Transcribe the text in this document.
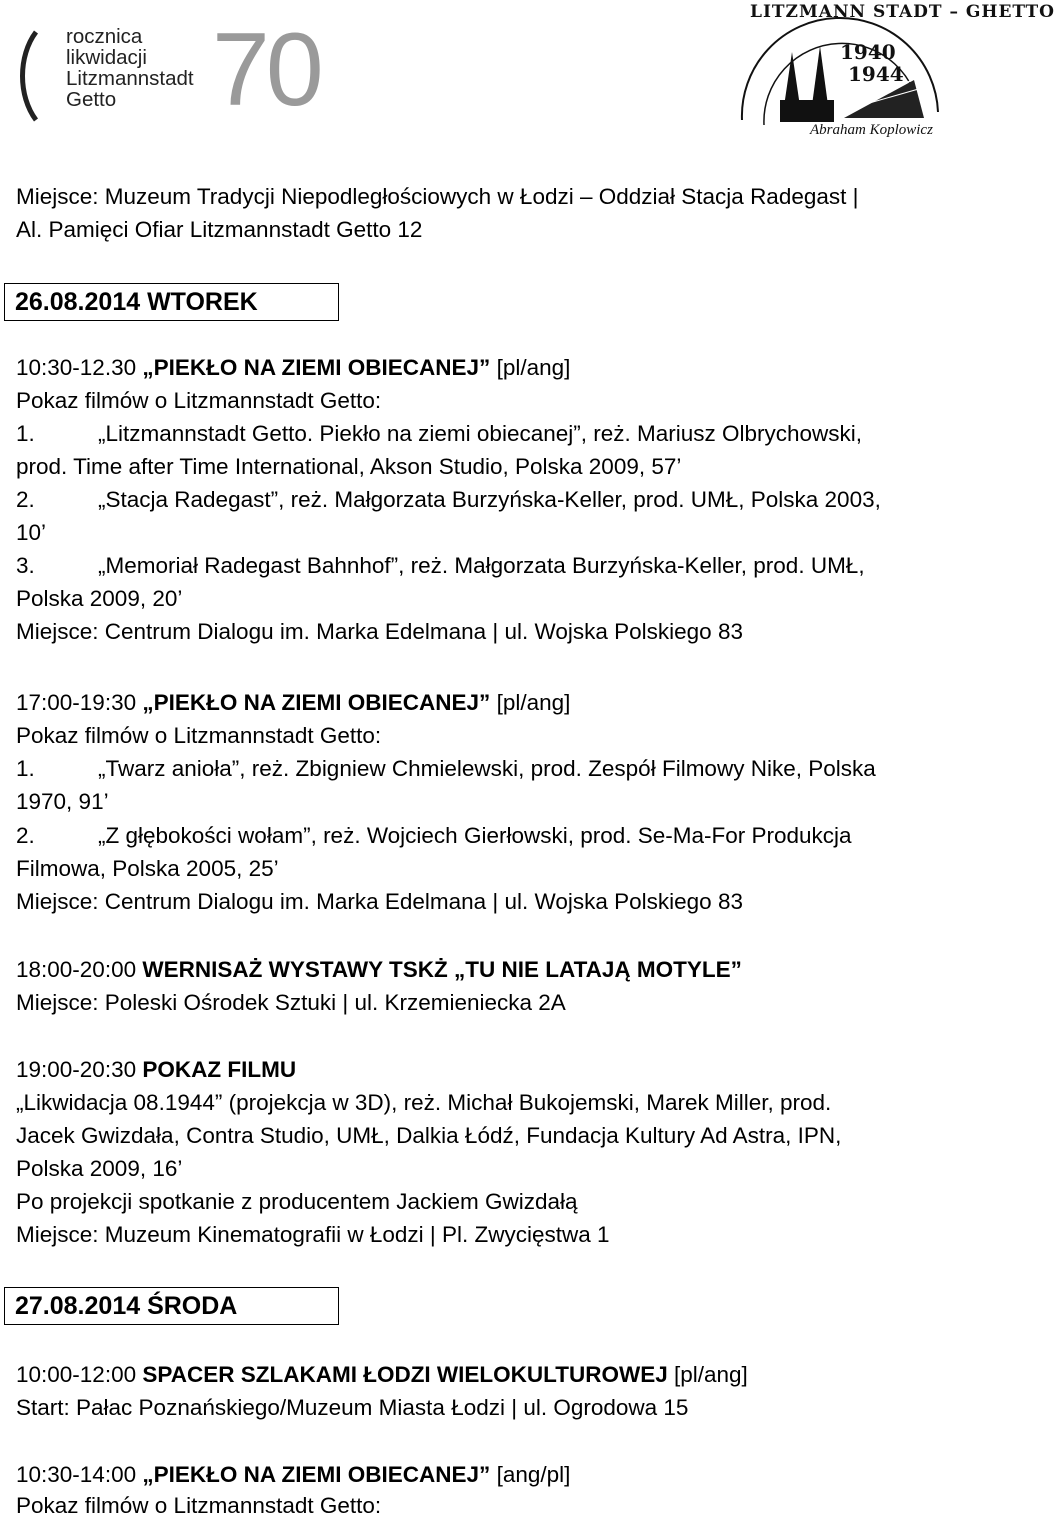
rocznica
likwidacji
Litzmannstadt
Getto 70	LITZMANN STADT – GHETTO
1940
1944
Abraham Koplowicz
Miejsce: Muzeum Tradycji Niepodległościowych w Łodzi – Oddział Stacja Radegast |
Al. Pamięci Ofiar Litzmannstadt Getto 12
26.08.2014 WTOREK
10:30-12.30 „PIEKŁO NA ZIEMI OBIECANEJ” [pl/ang]
Pokaz filmów o Litzmannstadt Getto:
1.	„Litzmannstadt Getto. Piekło na ziemi obiecanej”, reż. Mariusz Olbrychowski,
prod. Time after Time International, Akson Studio, Polska 2009, 57’
2.	„Stacja Radegast”, reż. Małgorzata Burzyńska-Keller, prod. UMŁ, Polska 2003,
10’
3.	„Memoriał Radegast Bahnhof”, reż. Małgorzata Burzyńska-Keller, prod. UMŁ,
Polska 2009, 20’
Miejsce: Centrum Dialogu im. Marka Edelmana | ul. Wojska Polskiego 83
17:00-19:30 „PIEKŁO NA ZIEMI OBIECANEJ” [pl/ang]
Pokaz filmów o Litzmannstadt Getto:
1.	„Twarz anioła”, reż. Zbigniew Chmielewski, prod. Zespół Filmowy Nike, Polska
1970, 91’
2.	„Z głębokości wołam”, reż. Wojciech Gierłowski, prod. Se-Ma-For Produkcja
Filmowa, Polska 2005, 25’
Miejsce: Centrum Dialogu im. Marka Edelmana | ul. Wojska Polskiego 83
18:00-20:00 WERNISAŻ WYSTAWY TSKŻ „TU NIE LATAJĄ MOTYLE”
Miejsce: Poleski Ośrodek Sztuki | ul. Krzemieniecka 2A
19:00-20:30 POKAZ FILMU
„Likwidacja 08.1944” (projekcja w 3D), reż. Michał Bukojemski, Marek Miller, prod.
Jacek Gwizdała, Contra Studio, UMŁ, Dalkia Łódź, Fundacja Kultury Ad Astra, IPN,
Polska 2009, 16’
Po projekcji spotkanie z producentem Jackiem Gwizdałą
Miejsce: Muzeum Kinematografii w Łodzi | Pl. Zwycięstwa 1
27.08.2014 ŚRODA
10:00-12:00 SPACER SZLAKAMI ŁODZI WIELOKULTUROWEJ [pl/ang]
Start: Pałac Poznańskiego/Muzeum Miasta Łodzi | ul. Ogrodowa 15
10:30-14:00 „PIEKŁO NA ZIEMI OBIECANEJ” [ang/pl]
Pokaz filmów o Litzmannstadt Getto:
